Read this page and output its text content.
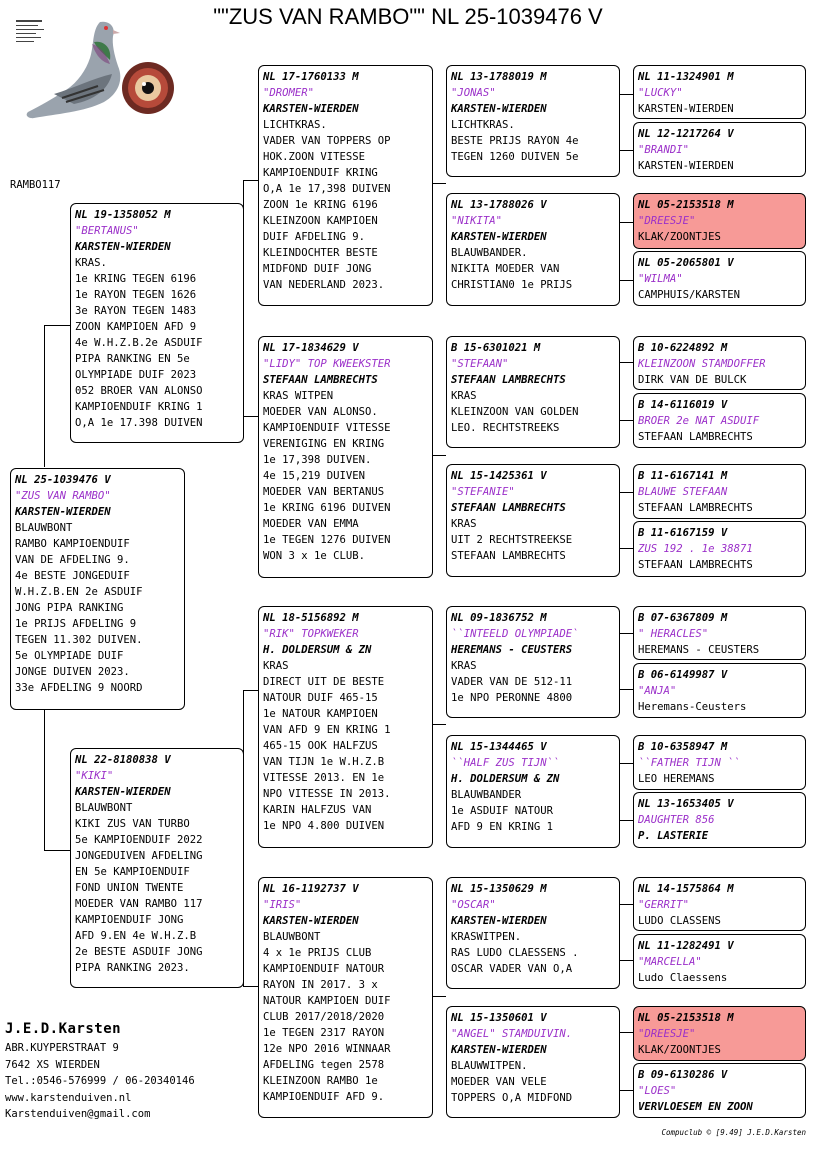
""ZUS VAN RAMBO"" NL 25-1039476 V
RAMBO117
NL 25-1039476 V
"ZUS VAN RAMBO"
KARSTEN-WIERDEN
BLAUWBONT
RAMBO KAMPIOENDUIF
VAN DE AFDELING 9.
4e BESTE JONGEDUIF
W.H.Z.B.EN 2e ASDUIF
JONG PIPA RANKING
1e PRIJS AFDELING 9
TEGEN 11.302 DUIVEN.
5e OLYMPIADE DUIF
JONGE DUIVEN 2023.
33e AFDELING 9 NOORD
NL 19-1358052 M
"BERTANUS"
KARSTEN-WIERDEN
KRAS.
1e KRING TEGEN 6196
1e RAYON TEGEN 1626
3e RAYON TEGEN 1483
ZOON KAMPIOEN AFD 9
4e W.H.Z.B.2e ASDUIF
PIPA RANKING EN 5e
OLYMPIADE DUIF 2023
052 BROER VAN ALONSO
KAMPIOENDUIF KRING 1
O,A 1e 17.398 DUIVEN
NL 22-8180838 V
"KIKI"
KARSTEN-WIERDEN
BLAUWBONT
KIKI ZUS VAN TURBO
5e KAMPIOENDUIF 2022
JONGEDUIVEN AFDELING
EN 5e KAMPIOENDUIF
FOND UNION TWENTE
MOEDER VAN RAMBO 117
KAMPIOENDUIF JONG
AFD 9.EN 4e W.H.Z.B
2e BESTE ASDUIF JONG
PIPA RANKING 2023.
NL 17-1760133 M
"DROMER"
KARSTEN-WIERDEN
LICHTKRAS.
VADER VAN TOPPERS OP
HOK.ZOON VITESSE
KAMPIOENDUIF KRING
O,A 1e 17,398 DUIVEN
ZOON 1e KRING 6196
KLEINZOON KAMPIOEN
DUIF AFDELING 9.
KLEINDOCHTER BESTE
MIDFOND DUIF JONG
VAN NEDERLAND 2023.
NL 17-1834629 V
"LIDY" TOP KWEEKSTER
STEFAAN LAMBRECHTS
KRAS WITPEN
MOEDER VAN ALONSO.
KAMPIOENDUIF VITESSE
VERENIGING EN KRING
1e 17,398 DUIVEN.
4e 15,219 DUIVEN
MOEDER VAN BERTANUS
1e KRING 6196 DUIVEN
MOEDER VAN EMMA
1e TEGEN 1276 DUIVEN
WON 3 x 1e CLUB.
NL 18-5156892 M
"RIK" TOPKWEKER
H. DOLDERSUM & ZN
KRAS
DIRECT UIT DE BESTE
NATOUR DUIF 465-15
1e NATOUR KAMPIOEN
VAN AFD 9 EN KRING 1
465-15 OOK HALFZUS
VAN TIJN 1e W.H.Z.B
VITESSE 2013. EN 1e
NPO VITESSE IN 2013.
KARIN HALFZUS VAN
1e NPO 4.800 DUIVEN
NL 16-1192737 V
"IRIS"
KARSTEN-WIERDEN
BLAUWBONT
4 x 1e PRIJS CLUB
KAMPIOENDUIF NATOUR
RAYON IN 2017. 3 x
NATOUR KAMPIOEN DUIF
CLUB 2017/2018/2020
1e TEGEN 2317 RAYON
12e NPO 2016 WINNAAR
AFDELING tegen 2578
KLEINZOON RAMBO 1e
KAMPIOENDUIF AFD 9.
NL 13-1788019 M
"JONAS"
KARSTEN-WIERDEN
LICHTKRAS.
BESTE PRIJS RAYON 4e
TEGEN 1260 DUIVEN 5e
NL 13-1788026 V
"NIKITA"
KARSTEN-WIERDEN
BLAUWBANDER.
NIKITA MOEDER VAN
CHRISTIAN0 1e PRIJS
B 15-6301021 M
"STEFAAN"
STEFAAN LAMBRECHTS
KRAS
KLEINZOON VAN GOLDEN
LEO. RECHTSTREEKS
NL 15-1425361 V
"STEFANIE"
STEFAAN LAMBRECHTS
KRAS
UIT 2 RECHTSTREEKSE
STEFAAN LAMBRECHTS
NL 09-1836752 M
``INTEELD OLYMPIADE`
HEREMANS - CEUSTERS
KRAS
VADER VAN DE 512-11
1e NPO PERONNE 4800
NL 15-1344465 V
``HALF ZUS TIJN``
H. DOLDERSUM & ZN
BLAUWBANDER
1e ASDUIF NATOUR
AFD 9 EN KRING 1
NL 15-1350629 M
"OSCAR"
KARSTEN-WIERDEN
KRASWITPEN.
RAS LUDO CLAESSENS .
OSCAR VADER VAN O,A
NL 15-1350601 V
"ANGEL" STAMDUIVIN.
KARSTEN-WIERDEN
BLAUWWITPEN.
MOEDER VAN VELE
TOPPERS O,A MIDFOND
NL 11-1324901 M
"LUCKY"
KARSTEN-WIERDEN
NL 12-1217264 V
"BRANDI"
KARSTEN-WIERDEN
NL 05-2153518 M
"DREESJE"
KLAK/ZOONTJES
NL 05-2065801 V
"WILMA"
CAMPHUIS/KARSTEN
B 10-6224892 M
KLEINZOON STAMDOFFER
DIRK VAN DE BULCK
B 14-6116019 V
BROER 2e NAT ASDUIF
STEFAAN LAMBRECHTS
B 11-6167141 M
BLAUWE STEFAAN
STEFAAN LAMBRECHTS
B 11-6167159 V
ZUS 192 . 1e 38871
STEFAAN LAMBRECHTS
B 07-6367809 M
" HERACLES"
HEREMANS - CEUSTERS
B 06-6149987 V
"ANJA"
Heremans-Ceusters
B 10-6358947 M
``FATHER TIJN ``
LEO HEREMANS
NL 13-1653405 V
DAUGHTER 856
P. LASTERIE
NL 14-1575864 M
"GERRIT"
LUDO CLASSENS
NL 11-1282491 V
"MARCELLA"
Ludo Claessens
NL 05-2153518 M
"DREESJE"
KLAK/ZOONTJES
B 09-6130286 V
"LOES"
VERVLOESEM EN ZOON
J.E.D.Karsten
ABR.KUYPERSTRAAT 9
7642 XS WIERDEN
Tel.:0546-576999 / 06-20340146
www.karstenduiven.nl
Karstenduiven@gmail.com
Compuclub © [9.49] J.E.D.Karsten
